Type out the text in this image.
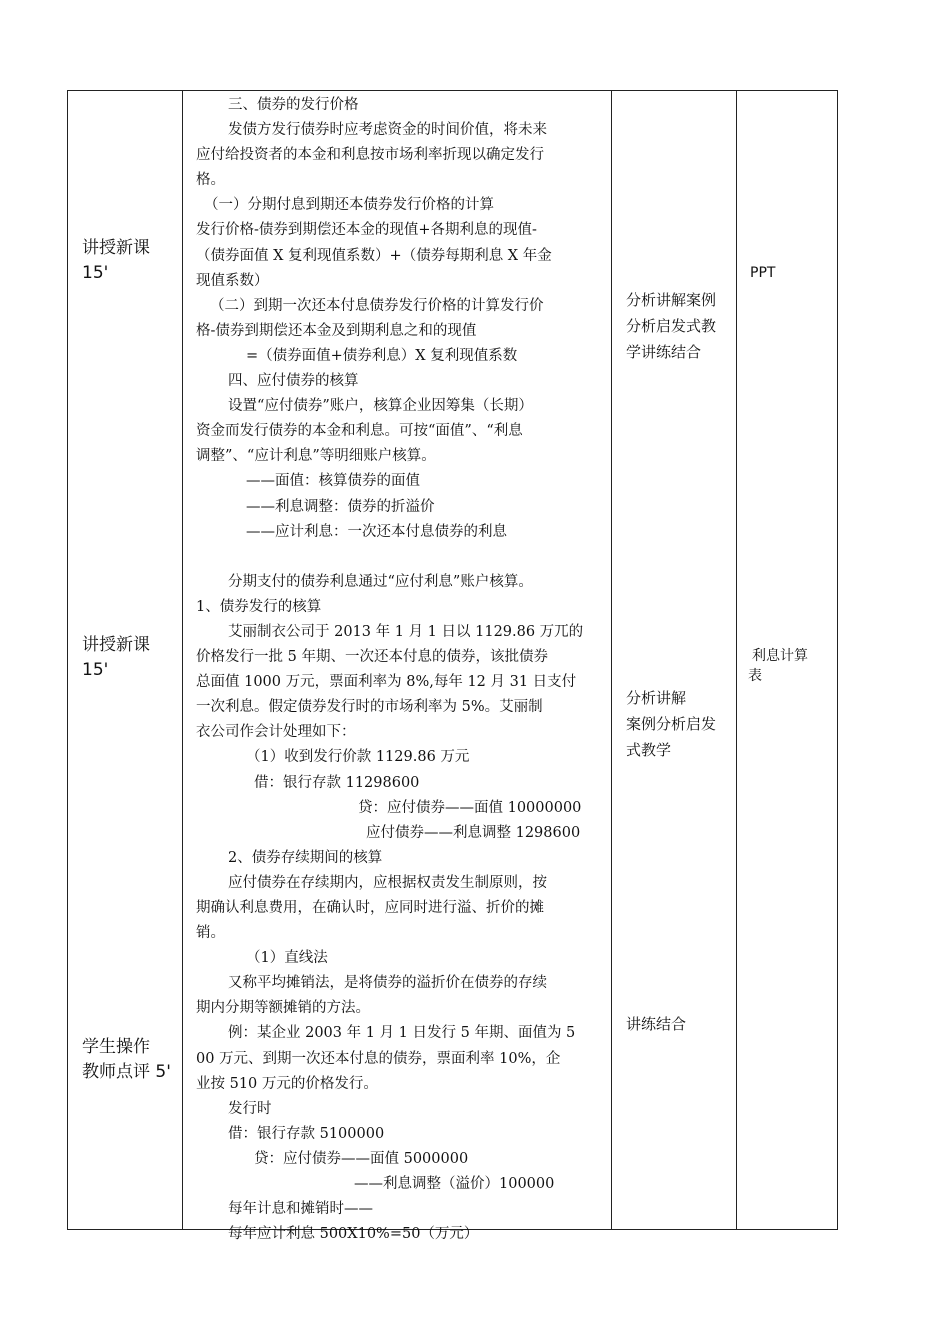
讲授新课
15'
讲授新课
15'
学生操作
教师点评 5'
三、债券的发行价格
发债方发行债券时应考虑资金的时间价值，将未来
应付给投资者的本金和利息按市场利率折现以确定发行
格。
（一）分期付息到期还本债券发行价格的计算
发行价格-债券到期偿还本金的现值+各期利息的现值-
（债券面值 X 复利现值系数）+（债券每期利息 X 年金
现值系数）
（二）到期一次还本付息债券发行价格的计算发行价
格-债券到期偿还本金及到期利息之和的现值
=（债券面值+债券利息）X 复利现值系数
四、应付债券的核算
设置“应付债券”账户，核算企业因筹集（长期）
资金而发行债券的本金和利息。可按“面值”、“利息
调整”、“应计利息”等明细账户核算。
——面值：核算债券的面值
——利息调整：债券的折溢价
——应计利息：一次还本付息债券的利息
分期支付的债券利息通过“应付利息”账户核算。
1、债券发行的核算
艾丽制衣公司于 2013 年 1 月 1 日以 1129.86 万兀的
价格发行一批 5 年期、一次还本付息的债券，该批债券
总面值 1000 万元，票面利率为 8%,每年 12 月 31 日支付
一次利息。假定债券发行时的市场利率为 5%。艾丽制
衣公司作会计处理如下：
（1）收到发行价款 1129.86 万元
借：银行存款 11298600
贷：应付债券——面值 10000000
应付债券——利息调整 1298600
2、债券存续期间的核算
应付债券在存续期内，应根据权责发生制原则，按
期确认利息费用，在确认时，应同时进行溢、折价的摊
销。
（1）直线法
又称平均摊销法，是将债券的溢折价在债券的存续
期内分期等额摊销的方法。
例：某企业 2003 年 1 月 1 日发行 5 年期、面值为 5
00 万元、到期一次还本付息的债券，票面利率 10%，企
业按 510 万元的价格发行。
发行时
借：银行存款 5100000
贷：应付债券——面值 5000000
——利息调整（溢价）100000
每年计息和摊销时——
每年应计利息 500X10%=50（万元）
分析讲解案例
分析启发式教
学讲练结合
分析讲解
案例分析启发
式教学
讲练结合
PPT
利息计算
表
